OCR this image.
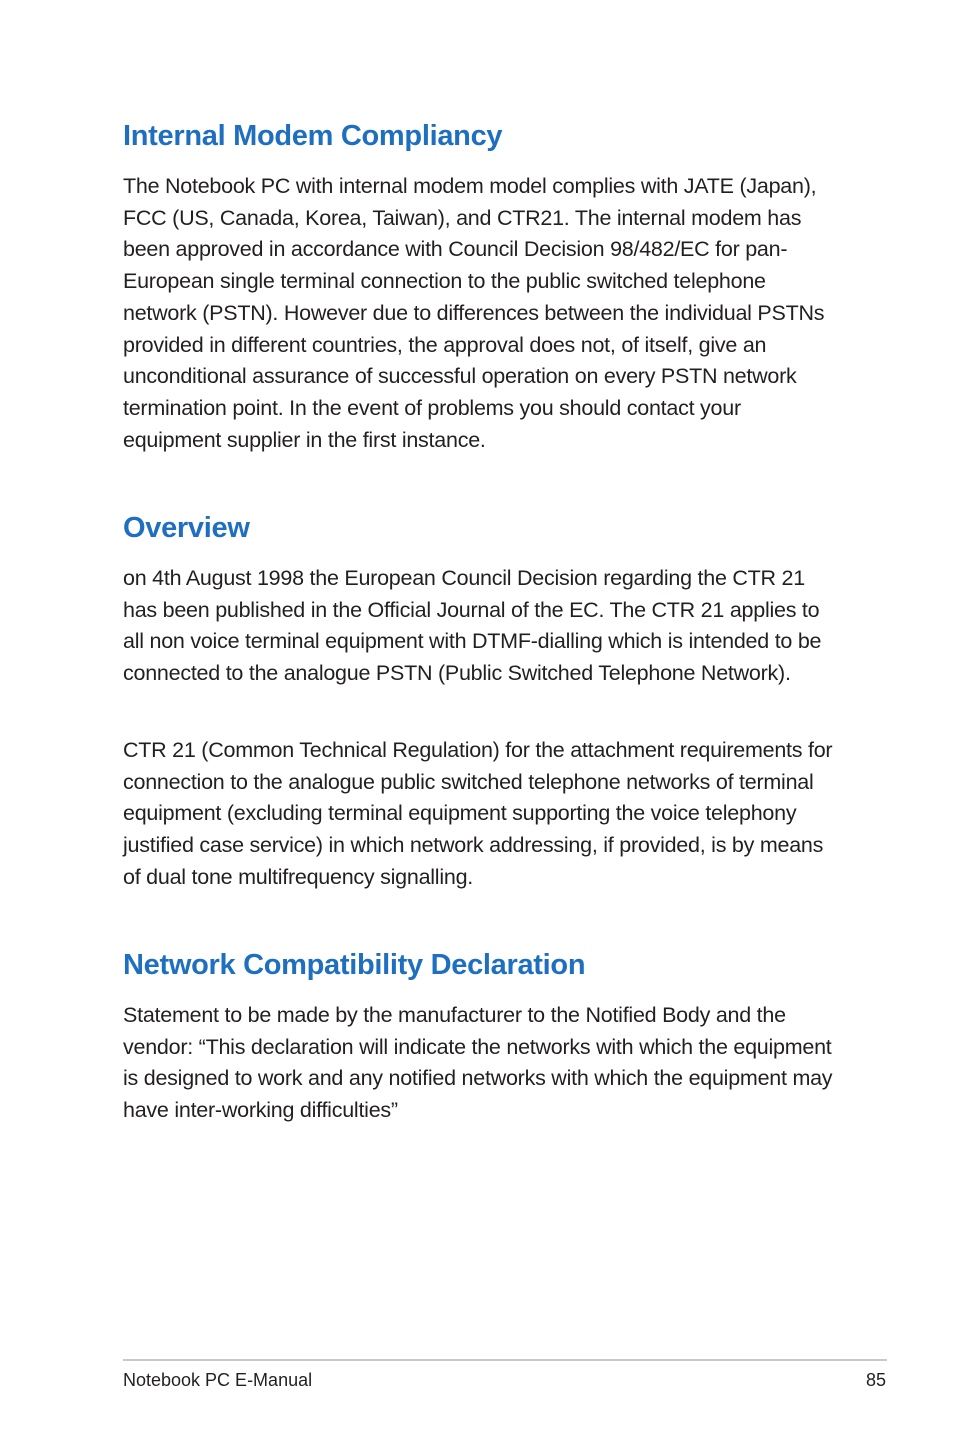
Internal Modem Compliancy

The Notebook PC with internal modem model complies with JATE (Japan), FCC (US, Canada, Korea, Taiwan), and CTR21. The internal modem has been approved in accordance with Council Decision 98/482/EC for pan-European single terminal connection to the public switched telephone network (PSTN). However due to differences between the individual PSTNs provided in different countries, the approval does not, of itself, give an unconditional assurance of successful operation on every PSTN network termination point. In the event of problems you should contact your equipment supplier in the first instance.

Overview

on 4th August 1998 the European Council Decision regarding the CTR 21 has been published in the Official Journal of the EC. The CTR 21 applies to all non voice terminal equipment with DTMF-dialling which is intended to be connected to the analogue PSTN (Public Switched Telephone Network).

CTR 21 (Common Technical Regulation) for the attachment requirements for connection to the analogue public switched telephone networks of terminal equipment (excluding terminal equipment supporting the voice telephony justified case service) in which network addressing, if provided, is by means of dual tone multifrequency signalling.

Network Compatibility Declaration

Statement to be made by the manufacturer to the Notified Body and the vendor: “This declaration will indicate the networks with which the equipment is designed to work and any notified networks with which the equipment may have inter-working difficulties”

Notebook PC E-Manual	85
